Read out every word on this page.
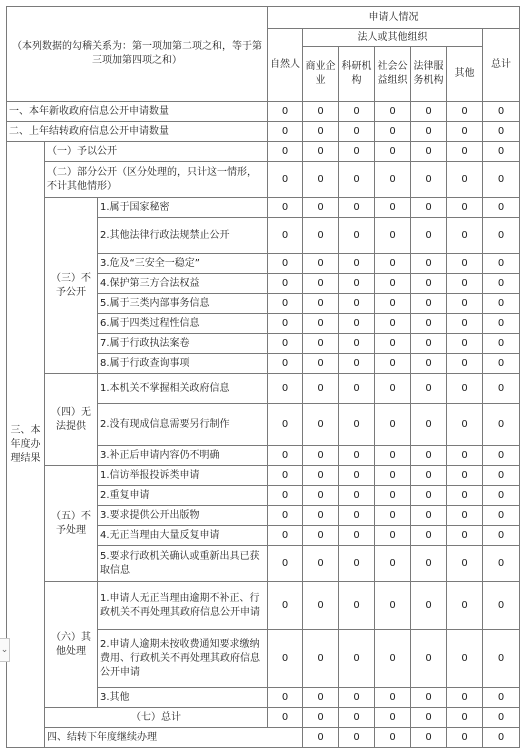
（本列数据的勾稽关系为：第一项加第二项之和，等于第三项加第四项之和）			申请人情况							
			自然人	法人或其他组织					总计	
				商业企业	科研机构	社会公益组织	法律服务机构	其他		
一、本年新收政府信息公开申请数量			0	0	0	0	0	0	0	
二、上年结转政府信息公开申请数量			0	0	0	0	0	0	0	
三、本年度办理结果	（一）予以公开		0	0	0	0	0	0	0	
	（二）部分公开（区分处理的，只计这一情形，不计其他情形）		0	0	0	0	0	0	0	
	（三）不予公开	1.属于国家秘密	0	0	0	0	0	0	0	
		2.其他法律行政法规禁止公开	0	0	0	0	0	0	0	
		3.危及“三安全一稳定”	0	0	0	0	0	0	0	
		4.保护第三方合法权益	0	0	0	0	0	0	0	
		5.属于三类内部事务信息	0	0	0	0	0	0	0	
		6.属于四类过程性信息	0	0	0	0	0	0	0	
		7.属于行政执法案卷	0	0	0	0	0	0	0	
		8.属于行政查询事项	0	0	0	0	0	0	0	
	（四）无法提供	1.本机关不掌握相关政府信息	0	0	0	0	0	0	0	
		2.没有现成信息需要另行制作	0	0	0	0	0	0	0	
		3.补正后申请内容仍不明确	0	0	0	0	0	0	0	
	（五）不予处理	1.信访举报投诉类申请	0	0	0	0	0	0	0	
		2.重复申请	0	0	0	0	0	0	0	
		3.要求提供公开出版物	0	0	0	0	0	0	0	
		4.无正当理由大量反复申请	0	0	0	0	0	0	0	
		5.要求行政机关确认或重新出具已获取信息	0	0	0	0	0	0	0	
	（六）其他处理	1.申请人无正当理由逾期不补正、行政机关不再处理其政府信息公开申请	0	0	0	0	0	0	0	
		2.申请人逾期未按收费通知要求缴纳费用、行政机关不再处理其政府信息公开申请	0	0	0	0	0	0	0	
		3.其他	0	0	0	0	0	0	0	
	（七）总计		0	0	0	0	0	0	0	
	四、结转下年度继续办理			0	0	0	0	0	0	
⌄
